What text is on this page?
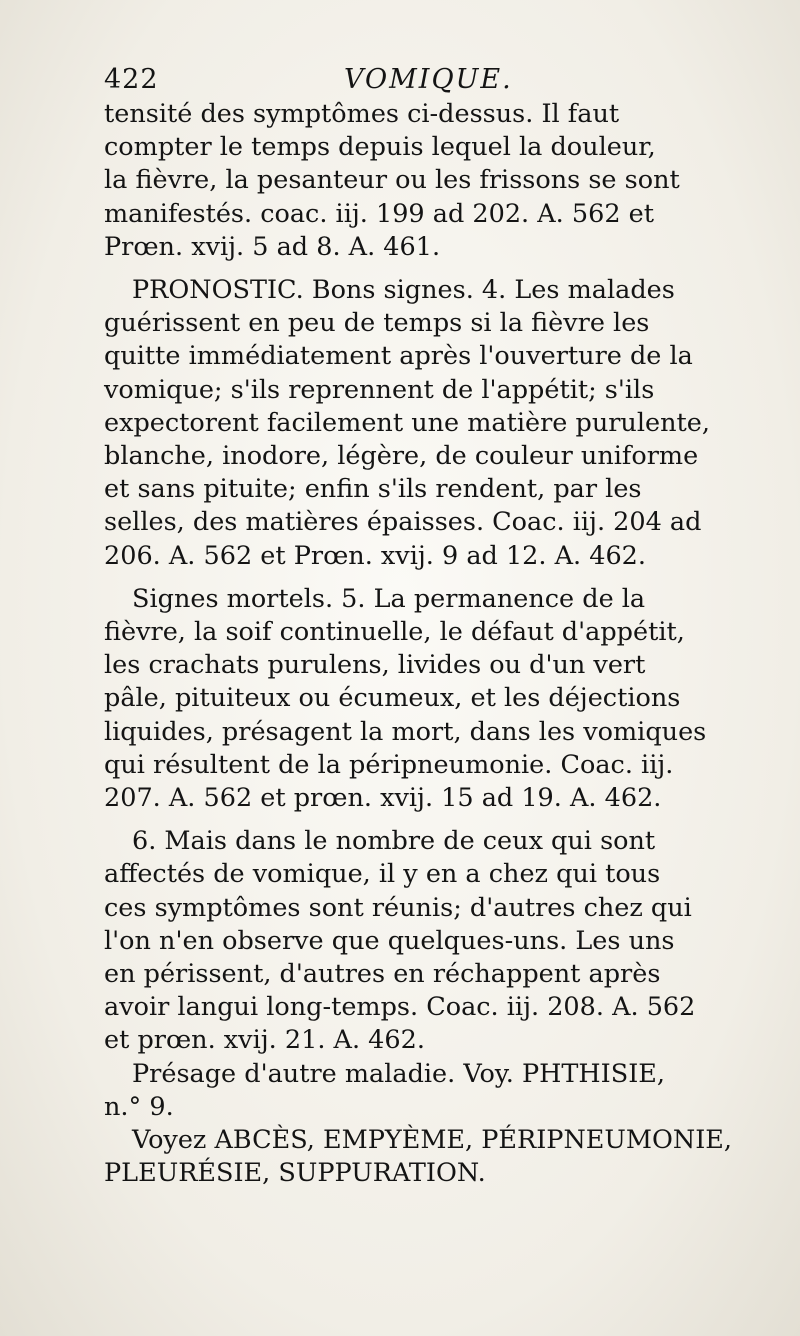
422	VOMIQUE.

tensité des symptômes ci-dessus. Il faut
compter le temps depuis lequel la douleur,
la fièvre, la pesanteur ou les frissons se sont
manifestés. coac. iij. 199 ad 202. A. 562 et
Prœn. xvij. 5 ad 8. A. 461.

PRONOSTIC. Bons signes. 4. Les malades
guérissent en peu de temps si la fièvre les
quitte immédiatement après l'ouverture de la
vomique; s'ils reprennent de l'appétit; s'ils
expectorent facilement une matière purulente,
blanche, inodore, légère, de couleur uniforme
et sans pituite; enfin s'ils rendent, par les
selles, des matières épaisses. Coac. iij. 204 ad
206. A. 562 et Prœn. xvij. 9 ad 12. A. 462.

Signes mortels. 5. La permanence de la
fièvre, la soif continuelle, le défaut d'appétit,
les crachats purulens, livides ou d'un vert
pâle, pituiteux ou écumeux, et les déjections
liquides, présagent la mort, dans les vomiques
qui résultent de la péripneumonie. Coac. iij.
207. A. 562 et prœn. xvij. 15 ad 19. A. 462.

6. Mais dans le nombre de ceux qui sont
affectés de vomique, il y en a chez qui tous
ces symptômes sont réunis; d'autres chez qui
l'on n'en observe que quelques-uns. Les uns
en périssent, d'autres en réchappent après
avoir langui long-temps. Coac. iij. 208. A. 562
et prœn. xvij. 21. A. 462.

Présage d'autre maladie. Voy. PHTHISIE,
n.° 9.

Voyez ABCÈS, EMPYÈME, PÉRIPNEUMONIE,
PLEURÉSIE, SUPPURATION.
